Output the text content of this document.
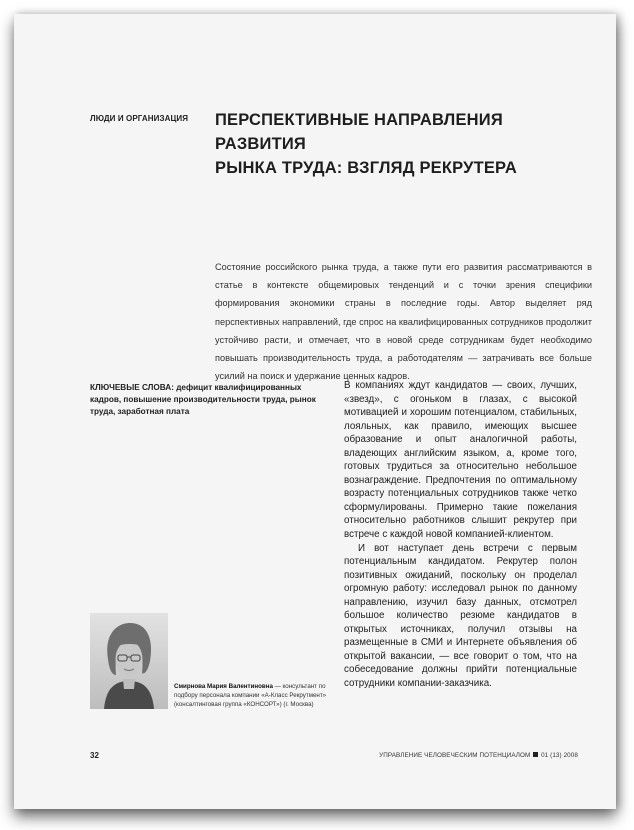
ЛЮДИ И ОРГАНИЗАЦИЯ ПЕРСПЕКТИВНЫЕ НАПРАВЛЕНИЯ РАЗВИТИЯ
РЫНКА ТРУДА: ВЗГЛЯД РЕКРУТЕРА

Состояние российского рынка труда, а также пути его развития рассматриваются в статье в контексте общемировых тенденций и с точки зрения специфики формирования экономики страны в последние годы. Автор выделяет ряд перспективных направлений, где спрос на квалифицированных сотрудников продолжит устойчиво расти, и отмечает, что в новой среде сотрудникам будет необходимо повышать производительность труда, а работодателям — затрачивать все больше усилий на поиск и удержание ценных кадров.

КЛЮЧЕВЫЕ СЛОВА: дефицит квалифицированных кадров, повышение производительности труда, рынок труда, заработная плата

В компаниях ждут кандидатов — своих, лучших, «звезд», с огоньком в глазах, с высокой мотивацией и хорошим потенциалом, стабильных, лояльных, как правило, имеющих высшее образование и опыт аналогичной работы, владеющих английским языком, а, кроме того, готовых трудиться за относительно небольшое вознаграждение. Предпочтения по оптимальному возрасту потенциальных сотрудников также четко сформулированы. Примерно такие пожелания относительно работников слышит рекрутер при встрече с каждой новой компанией-клиентом.

И вот наступает день встречи с первым потенциальным кандидатом. Рекрутер полон позитивных ожиданий, поскольку он проделал огромную работу: исследовал рынок по данному направлению, изучил базу данных, отсмотрел большое количество резюме кандидатов в открытых источниках, получил отзывы на размещенные в СМИ и Интернете объявления об открытой вакансии, — все говорит о том, что на собеседование должны прийти потенциальные сотрудники компании-заказчика.

Смирнова Мария Валентиновна — консультант по подбору персонала компании «А-Класс Рекрутмент» (консалтинговая группа «КОНСОРТ») (г. Москва)
32	УПРАВЛЕНИЕ ЧЕЛОВЕЧЕСКИМ ПОТЕНЦИАЛОМ 01 (13) 2008
